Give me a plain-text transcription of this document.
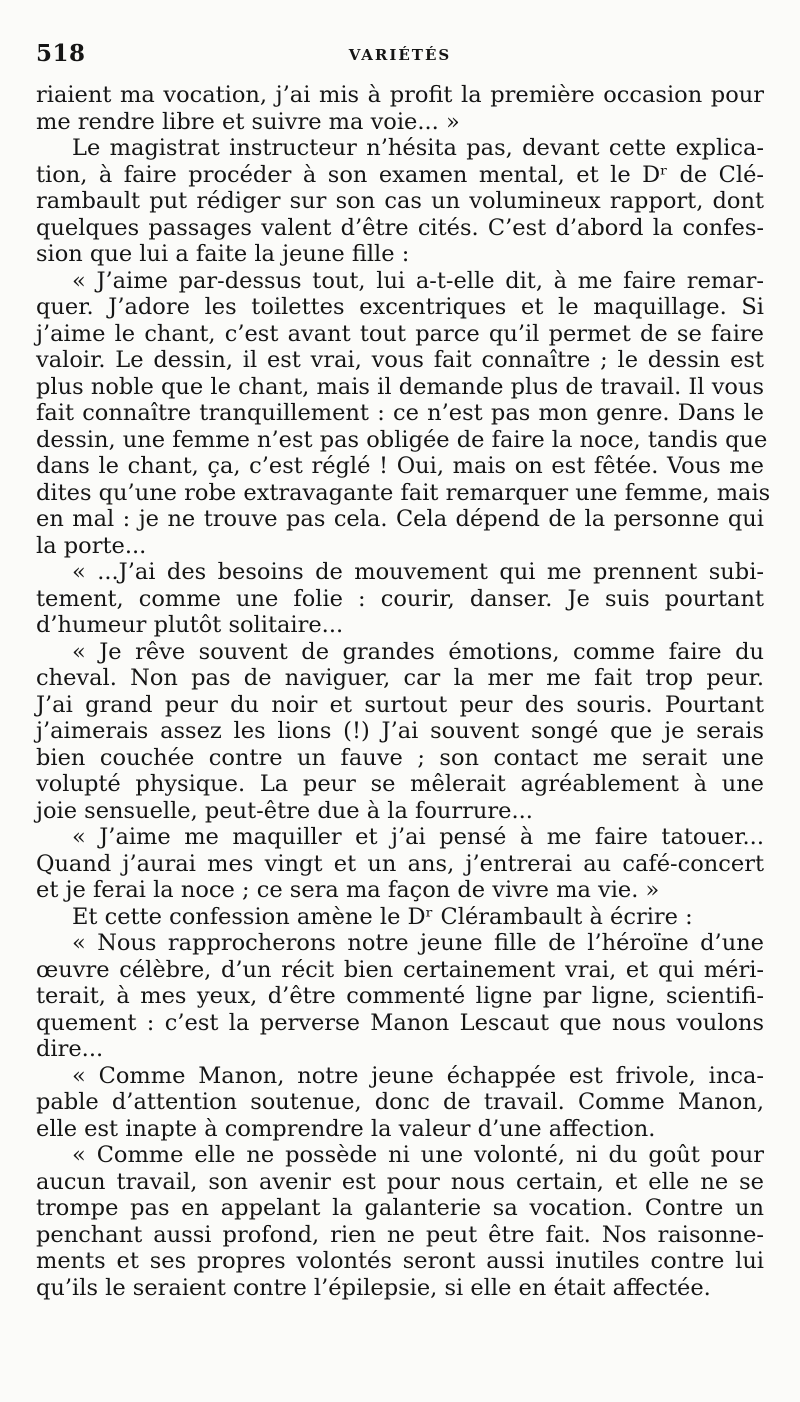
518	VARIÉTÉS
riaient ma vocation, j’ai mis à profit la première occasion pour
me rendre libre et suivre ma voie... »
Le magistrat instructeur n’hésita pas, devant cette explica-
tion, à faire procéder à son examen mental, et le Dʳ de Clé-
rambault put rédiger sur son cas un volumineux rapport, dont
quelques passages valent d’être cités. C’est d’abord la confes-
sion que lui a faite la jeune fille :
« J’aime par-dessus tout, lui a-t-elle dit, à me faire remar-
quer. J’adore les toilettes excentriques et le maquillage. Si
j’aime le chant, c’est avant tout parce qu’il permet de se faire
valoir. Le dessin, il est vrai, vous fait connaître ; le dessin est
plus noble que le chant, mais il demande plus de travail. Il vous
fait connaître tranquillement : ce n’est pas mon genre. Dans le
dessin, une femme n’est pas obligée de faire la noce, tandis que
dans le chant, ça, c’est réglé ! Oui, mais on est fêtée. Vous me
dites qu’une robe extravagante fait remarquer une femme, mais
en mal : je ne trouve pas cela. Cela dépend de la personne qui
la porte...
« ...J’ai des besoins de mouvement qui me prennent subi-
tement, comme une folie : courir, danser. Je suis pourtant
d’humeur plutôt solitaire...
« Je rêve souvent de grandes émotions, comme faire du
cheval. Non pas de naviguer, car la mer me fait trop peur.
J’ai grand peur du noir et surtout peur des souris. Pourtant
j’aimerais assez les lions (!) J’ai souvent songé que je serais
bien couchée contre un fauve ; son contact me serait une
volupté physique. La peur se mêlerait agréablement à une
joie sensuelle, peut-être due à la fourrure...
« J’aime me maquiller et j’ai pensé à me faire tatouer...
Quand j’aurai mes vingt et un ans, j’entrerai au café-concert
et je ferai la noce ; ce sera ma façon de vivre ma vie. »
Et cette confession amène le Dʳ Clérambault à écrire :
« Nous rapprocherons notre jeune fille de l’héroïne d’une
œuvre célèbre, d’un récit bien certainement vrai, et qui méri-
terait, à mes yeux, d’être commenté ligne par ligne, scientifi-
quement : c’est la perverse Manon Lescaut que nous voulons
dire...
« Comme Manon, notre jeune échappée est frivole, inca-
pable d’attention soutenue, donc de travail. Comme Manon,
elle est inapte à comprendre la valeur d’une affection.
« Comme elle ne possède ni une volonté, ni du goût pour
aucun travail, son avenir est pour nous certain, et elle ne se
trompe pas en appelant la galanterie sa vocation. Contre un
penchant aussi profond, rien ne peut être fait. Nos raisonne-
ments et ses propres volontés seront aussi inutiles contre lui
qu’ils le seraient contre l’épilepsie, si elle en était affectée.
